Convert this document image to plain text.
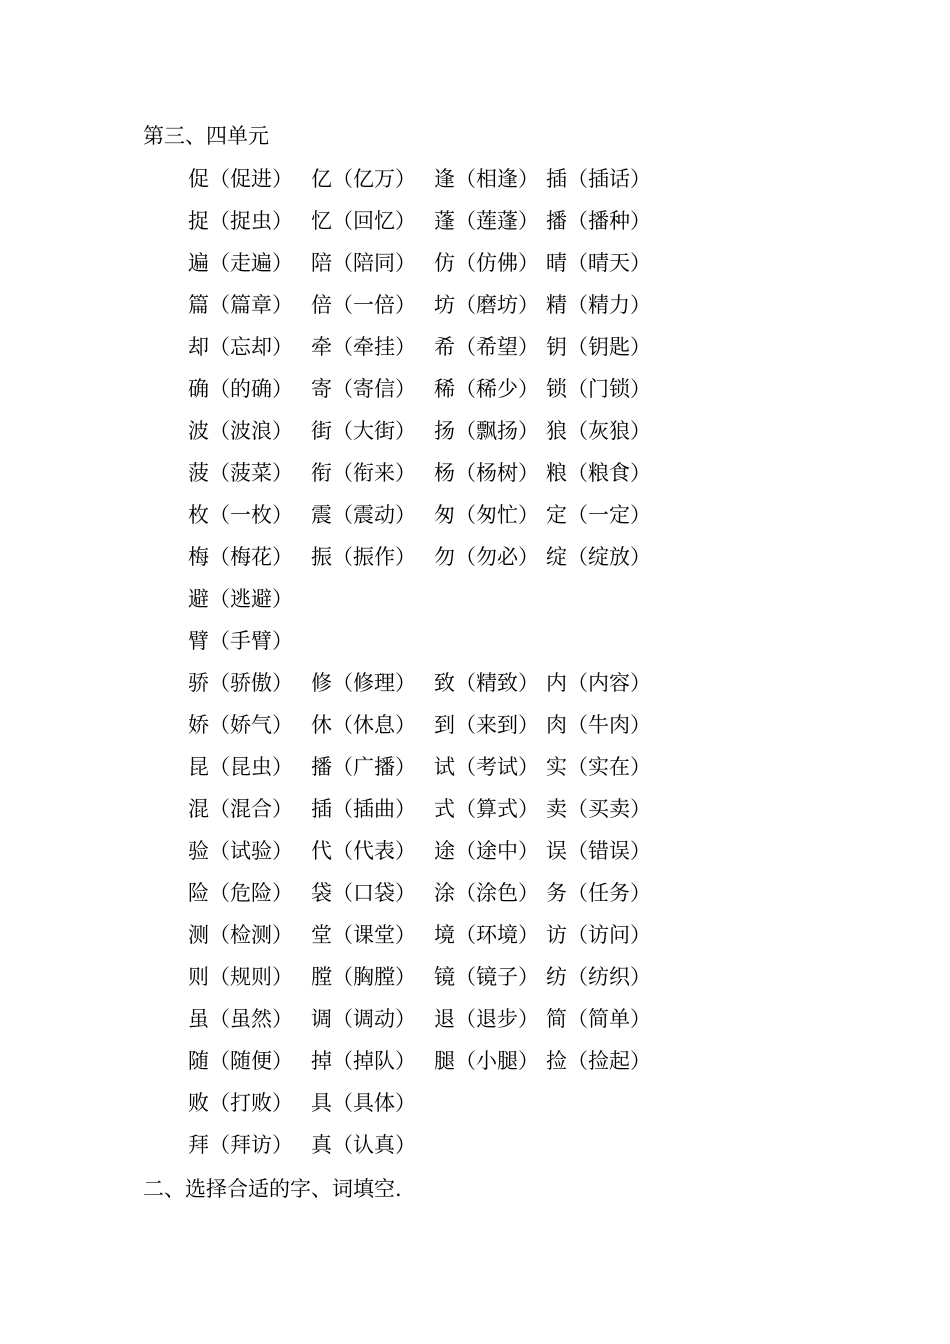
第三、四单元
促（促进） 亿（亿万） 逢（相逢） 插（插话）
捉（捉虫） 忆（回忆） 蓬（莲蓬） 播（播种）
遍（走遍） 陪（陪同） 仿（仿佛） 晴（晴天）
篇（篇章） 倍（一倍） 坊（磨坊） 精（精力）
却（忘却） 牵（牵挂） 希（希望） 钥（钥匙）
确（的确） 寄（寄信） 稀（稀少） 锁（门锁）
波（波浪） 街（大街） 扬（飘扬） 狼（灰狼）
菠（菠菜） 衔（衔来） 杨（杨树） 粮（粮食）
枚（一枚） 震（震动） 匆（匆忙） 定（一定）
梅（梅花） 振（振作） 勿（勿必） 绽（绽放）
避（逃避）
臂（手臂）
骄（骄傲） 修（修理） 致（精致） 内（内容）
娇（娇气） 休（休息） 到（来到） 肉（牛肉）
昆（昆虫） 播（广播） 试（考试） 实（实在）
混（混合） 插（插曲） 式（算式） 卖（买卖）
验（试验） 代（代表） 途（途中） 误（错误）
险（危险） 袋（口袋） 涂（涂色） 务（任务）
测（检测） 堂（课堂） 境（环境） 访（访问）
则（规则） 膛（胸膛） 镜（镜子） 纺（纺织）
虽（虽然） 调（调动） 退（退步） 简（简单）
随（随便） 掉（掉队） 腿（小腿） 捡（捡起）
败（打败） 具（具体）
拜（拜访） 真（认真）
二、选择合适的字、词填空.
